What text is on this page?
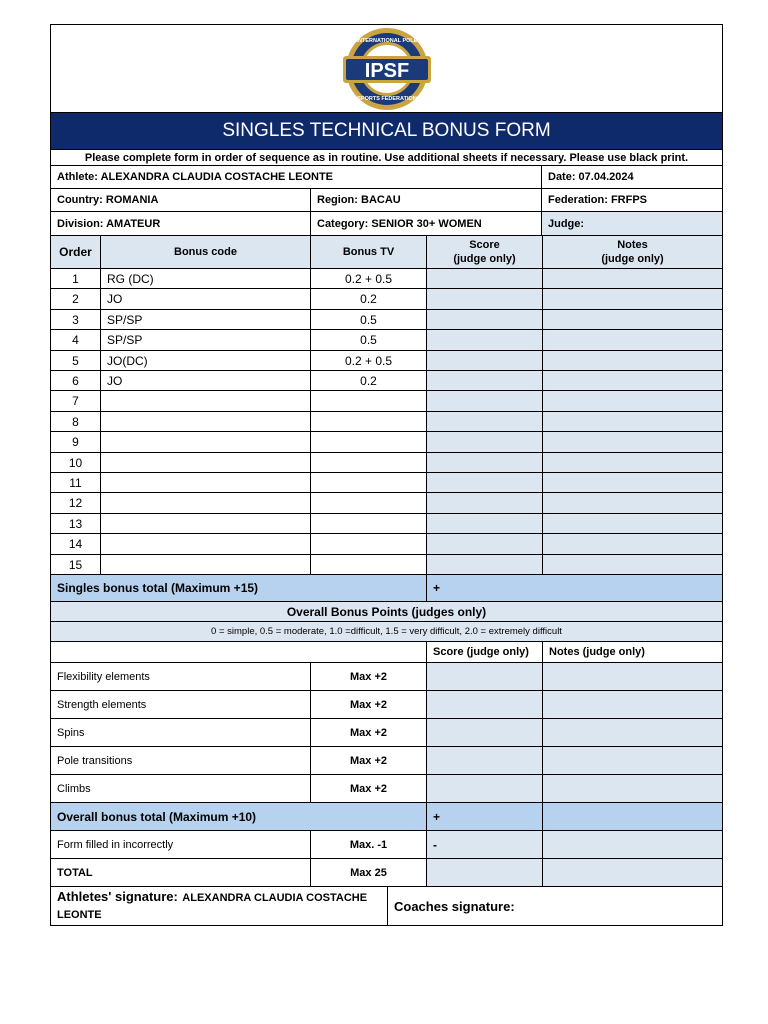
IPSF
INTERNATIONAL POLE
SPORTS FEDERATION
SINGLES TECHNICAL BONUS FORM
Please complete form in order of sequence as in routine. Use additional sheets if necessary. Please use black print.
Athlete: ALEXANDRA CLAUDIA COSTACHE LEONTE	Date: 07.04.2024
Country: ROMANIA	Region: BACAU	Federation: FRFPS
Division: AMATEUR	Category: SENIOR 30+ WOMEN	Judge:
Order	Bonus code	Bonus TV
Score
(judge only)
Notes
(judge only)
1	RG (DC)	0.2 + 0.5
2	JO	0.2
3	SP/SP	0.5
4	SP/SP	0.5
5	JO(DC)	0.2 + 0.5
6	JO	0.2
7
8
9
10
11
12
13
14
15
Singles bonus total (Maximum +15)	+
Overall Bonus Points (judges only)
0 = simple, 0.5 = moderate, 1.0 =difficult, 1.5 = very difficult, 2.0 = extremely difficult
Score (judge only)	Notes (judge only)
Flexibility elements	Max +2
Strength elements	Max +2
Spins	Max +2
Pole transitions	Max +2
Climbs	Max +2
Overall bonus total (Maximum +10)	+
Form filled in incorrectly	Max. -1	-
TOTAL	Max 25
Athletes' signature: ALEXANDRA CLAUDIA COSTACHE LEONTE
Coaches signature:
